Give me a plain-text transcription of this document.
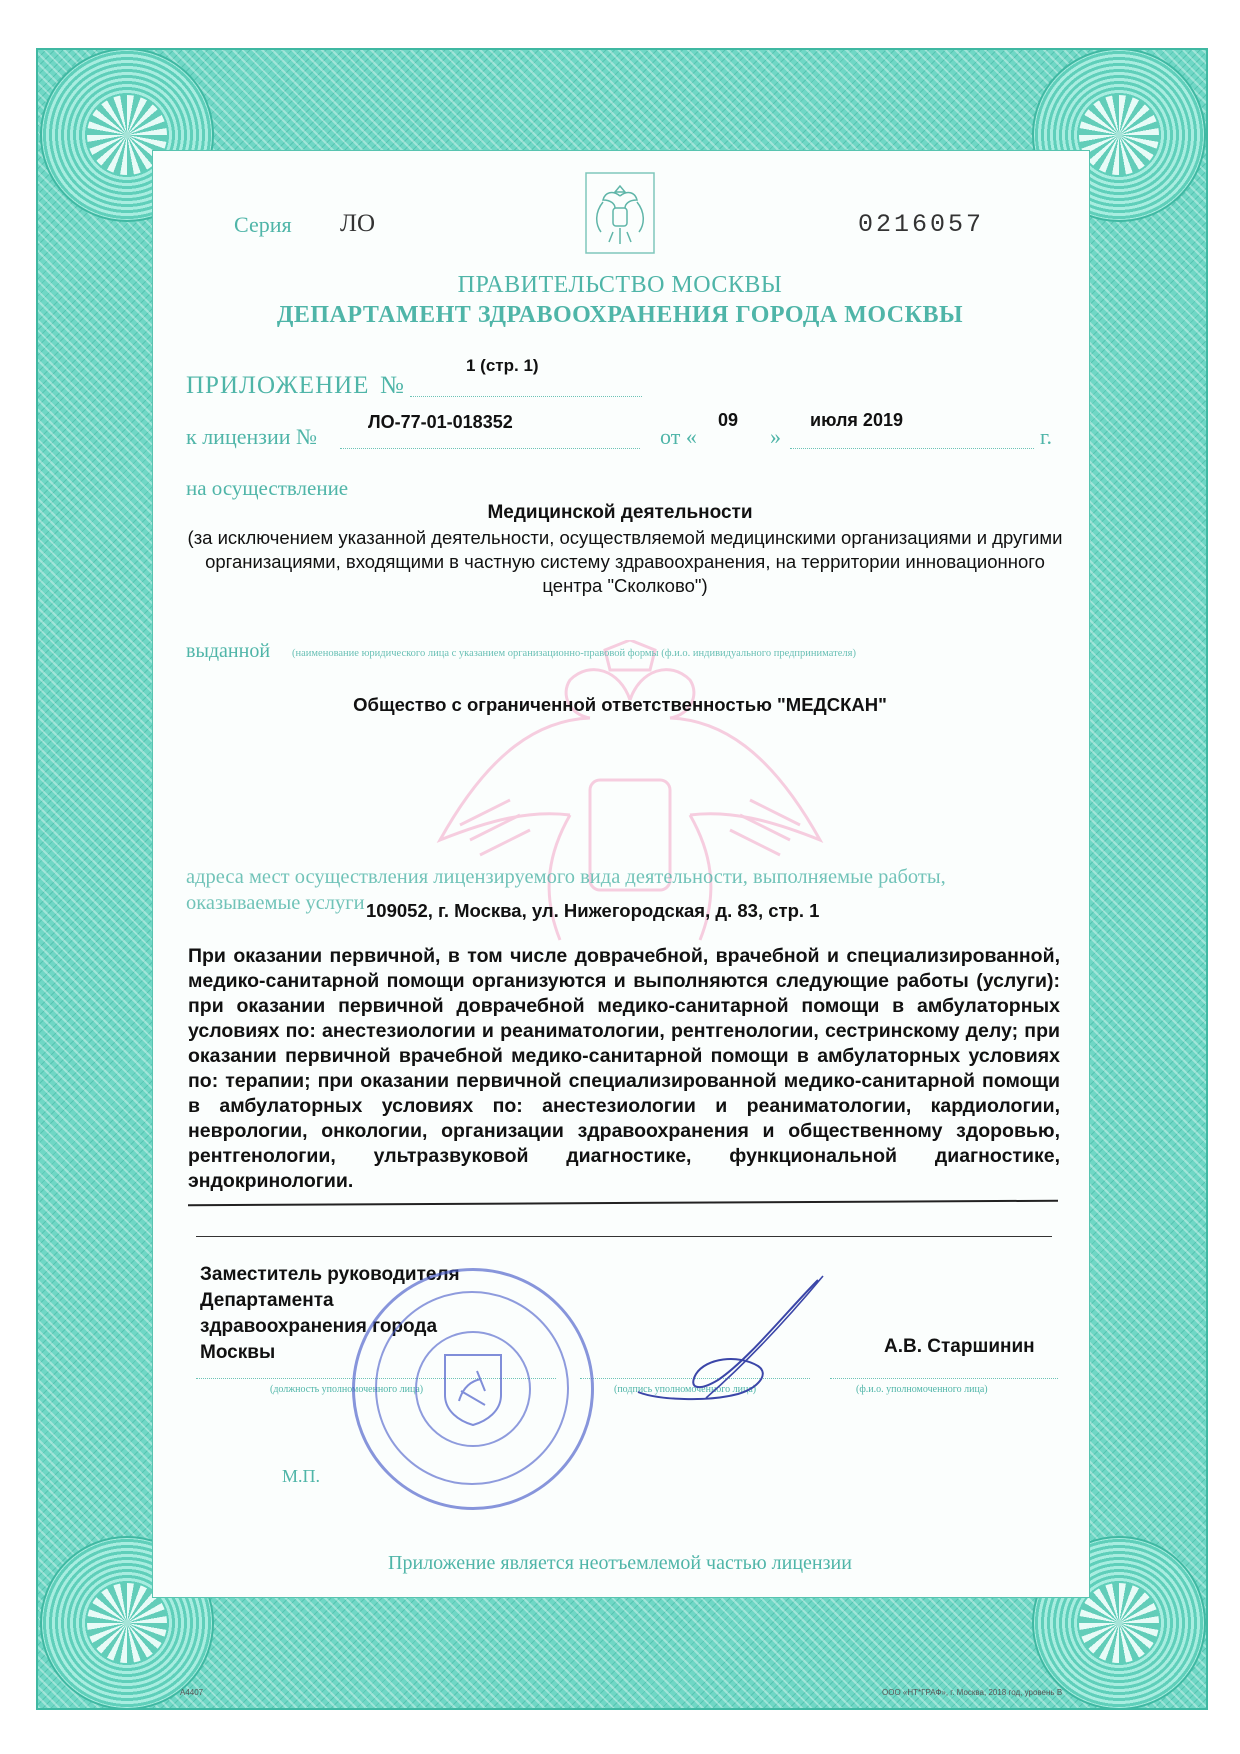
Серия ЛО	0216057
ПРАВИТЕЛЬСТВО МОСКВЫ
ДЕПАРТАМЕНТ ЗДРАВООХРАНЕНИЯ ГОРОДА МОСКВЫ
ПРИЛОЖЕНИЕ №
1 (стр. 1)
к лицензии №
ЛО-77-01-018352
от «
09
»
июля 2019
г.
на осуществление
Медицинской деятельности
(за исключением указанной деятельности, осуществляемой медицинскими организациями и другими организациями, входящими в частную систему здравоохранения, на территории инновационного центра "Сколково")
выданной (наименование юридического лица с указанием организационно-правовой формы (ф.и.о. индивидуального предпринимателя)
Общество с ограниченной ответственностью "МЕДСКАН"
адреса мест осуществления лицензируемого вида деятельности, выполняемые работы,
оказываемые услуги 109052, г. Москва, ул. Нижегородская, д. 83, стр. 1
При оказании первичной, в том числе доврачебной, врачебной и специализированной, медико-санитарной помощи организуются и выполняются следующие работы (услуги): при оказании первичной доврачебной медико-санитарной помощи в амбулаторных условиях по: анестезиологии и реаниматологии, рентгенологии, сестринскому делу; при оказании первичной врачебной медико-санитарной помощи в амбулаторных условиях по: терапии; при оказании первичной специализированной медико-санитарной помощи в амбулаторных условиях по: анестезиологии и реаниматологии, кардиологии, неврологии, онкологии, организации здравоохранения и общественному здоровью, рентгенологии, ультразвуковой диагностике, функциональной диагностике, эндокринологии.
Заместитель руководителя
Департамента
здравоохранения города
Москвы	А.В. Старшинин
(должность уполномоченного лица)	(подпись уполномоченного лица)	(ф.и.о. уполномоченного лица)
М.П.
Приложение является неотъемлемой частью лицензии
A4407	ООО «НТ*ГРАФ», г. Москва, 2018 год, уровень В
